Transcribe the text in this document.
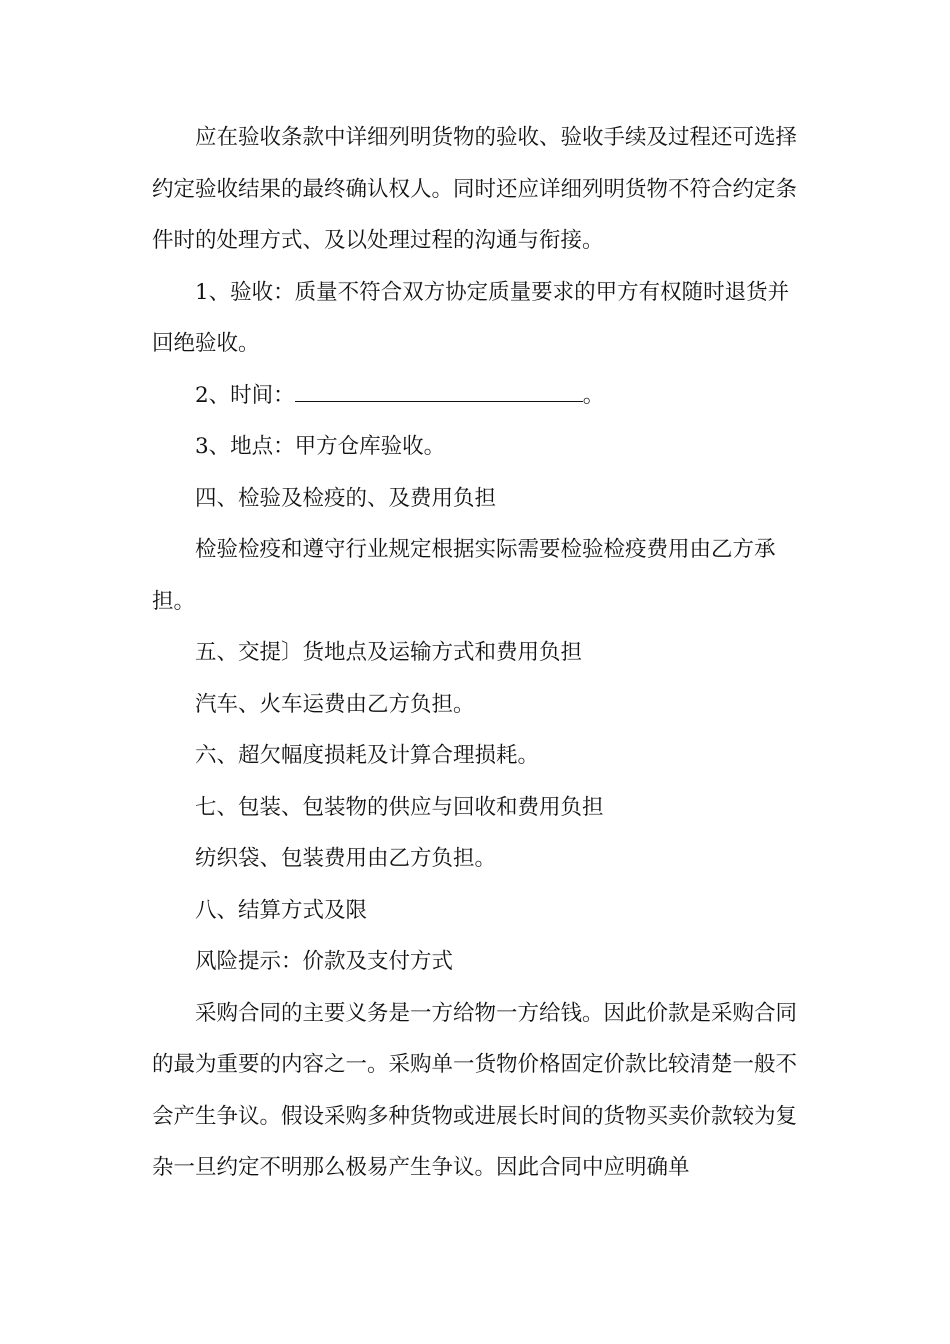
应在验收条款中详细列明货物的验收、验收手续及过程还可选择约定验收结果的最终确认权人。同时还应详细列明货物不符合约定条件时的处理方式、及以处理过程的沟通与衔接。

1、验收：质量不符合双方协定质量要求的甲方有权随时退货并回绝验收。

2、时间：	。

3、地点：甲方仓库验收。

四、检验及检疫的、及费用负担

检验检疫和遵守行业规定根据实际需要检验检疫费用由乙方承担。

五、交提〕货地点及运输方式和费用负担

汽车、火车运费由乙方负担。

六、超欠幅度损耗及计算合理损耗。

七、包装、包装物的供应与回收和费用负担

纺织袋、包装费用由乙方负担。

八、结算方式及限

风险提示：价款及支付方式

采购合同的主要义务是一方给物一方给钱。因此价款是采购合同的最为重要的内容之一。采购单一货物价格固定价款比较清楚一般不会产生争议。假设采购多种货物或进展长时间的货物买卖价款较为复杂一旦约定不明那么极易产生争议。因此合同中应明确单
